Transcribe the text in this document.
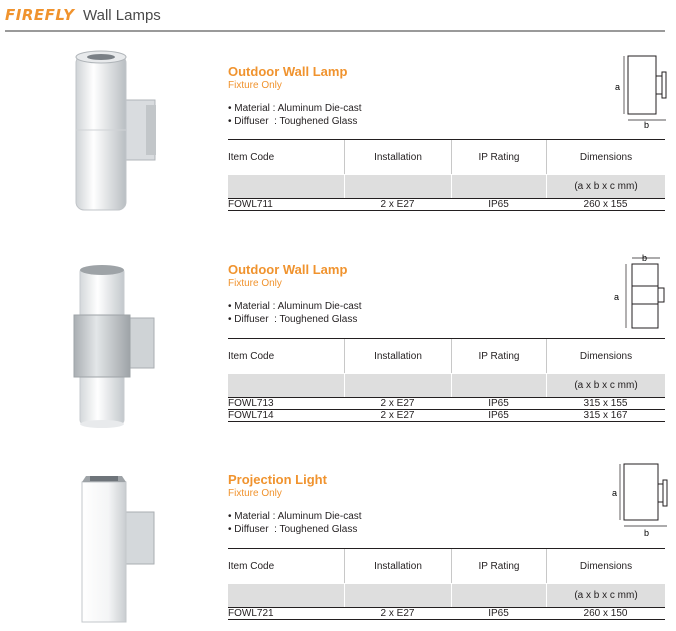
FIREFLY Wall Lamps
Outdoor Wall Lamp
Fixture Only
• Material : Aluminum Die-cast
• Diffuser  : Toughened Glass
a
b
Item Code	Installation	IP Rating	Dimensions
(a x b x c mm)
FOWL711	2 x E27	IP65	260 x 155
Outdoor Wall Lamp
Fixture Only
• Material : Aluminum Die-cast
• Diffuser  : Toughened Glass
b
a
Item Code	Installation	IP Rating	Dimensions
(a x b x c mm)
FOWL713	2 x E27	IP65	315 x 155
FOWL714	2 x E27	IP65	315 x 167
Projection Light
Fixture Only
• Material : Aluminum Die-cast
• Diffuser  : Toughened Glass
a
b
Item Code	Installation	IP Rating	Dimensions
(a x b x c mm)
FOWL721	2 x E27	IP65	260 x 150
